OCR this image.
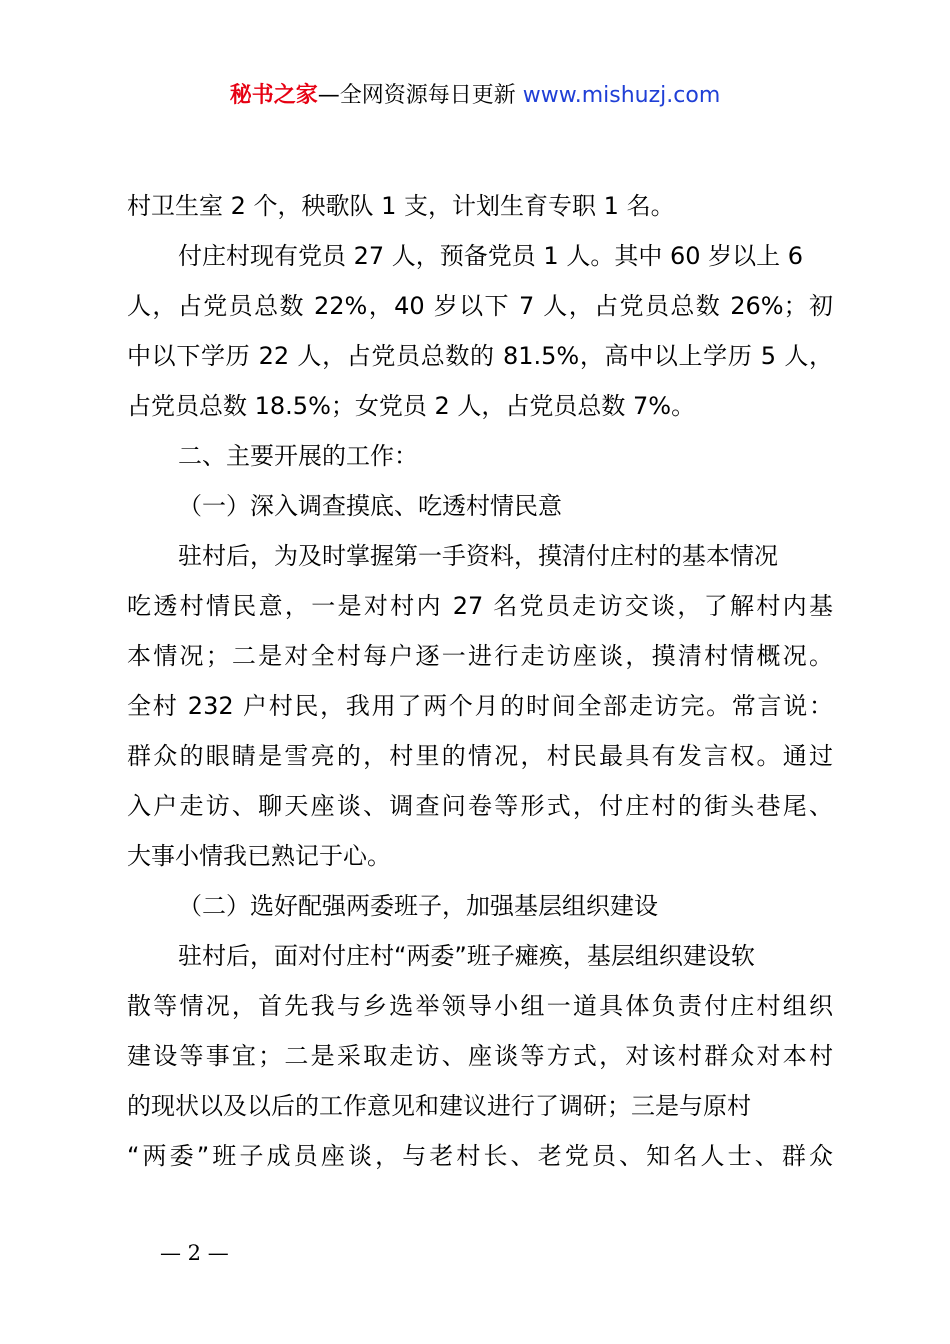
秘书之家—全网资源每日更新 www.mishuzj.com
村卫生室 2 个，秧歌队 1 支，计划生育专职 1 名。
付庄村现有党员 27 人，预备党员 1 人。其中 60 岁以上 6
人，占党员总数 22%，40 岁以下 7 人，占党员总数 26%；初
中以下学历 22 人，占党员总数的 81.5%，高中以上学历 5 人，
占党员总数 18.5%；女党员 2 人，占党员总数 7%。
二、主要开展的工作：
（一）深入调查摸底、吃透村情民意
驻村后，为及时掌握第一手资料，摸清付庄村的基本情况
吃透村情民意，一是对村内 27 名党员走访交谈，了解村内基
本情况；二是对全村每户逐一进行走访座谈，摸清村情概况。
全村 232 户村民，我用了两个月的时间全部走访完。常言说：
群众的眼睛是雪亮的，村里的情况，村民最具有发言权。通过
入户走访、聊天座谈、调查问卷等形式，付庄村的街头巷尾、
大事小情我已熟记于心。
（二）选好配强两委班子，加强基层组织建设
驻村后，面对付庄村“两委”班子瘫痪，基层组织建设软
散等情况，首先我与乡选举领导小组一道具体负责付庄村组织
建设等事宜；二是采取走访、座谈等方式，对该村群众对本村
的现状以及以后的工作意见和建议进行了调研；三是与原村
“两委”班子成员座谈，与老村长、老党员、知名人士、群众
— 2 —
